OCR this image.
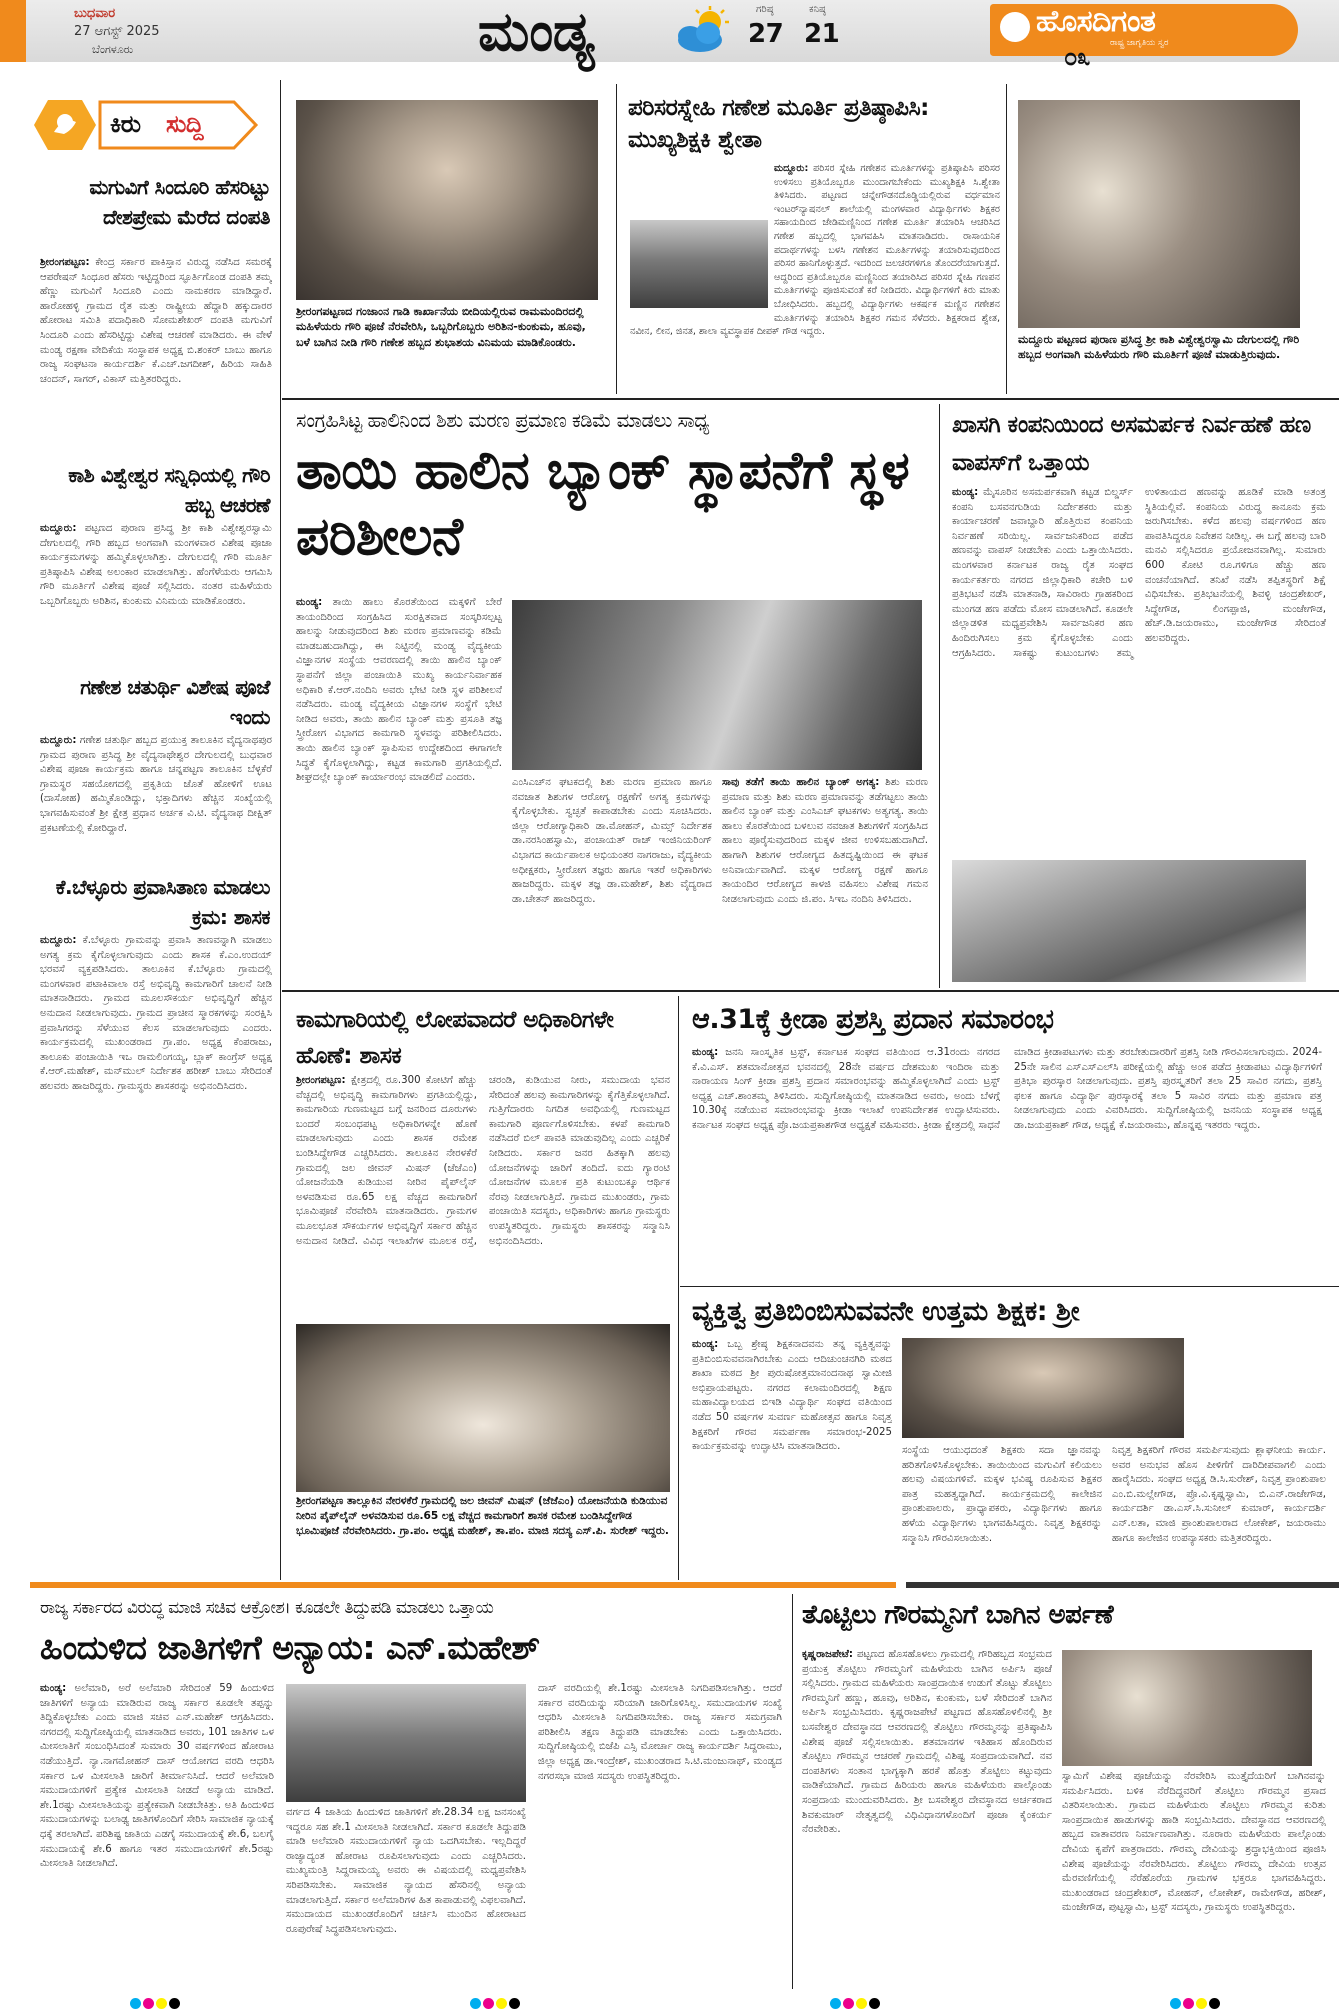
ಬುಧವಾರ
27 ಆಗಸ್ಟ್ 2025
ಬೆಂಗಳೂರು	ಮಂಡ್ಯ	ಗರಿಷ್ಠ
27
ಕನಿಷ್ಠ
21	ಹೊಸದಿಗಂತ
ರಾಷ್ಟ್ರ ಜಾಗೃತಿಯ ಸ್ವರ
೦೩
ಕಿರು ಸುದ್ದಿ
ಮಗುವಿಗೆ ಸಿಂದೂರಿ ಹೆಸರಿಟ್ಟು ದೇಶಪ್ರೇಮ ಮೆರೆದ ದಂಪತಿ
ಶ್ರೀರಂಗಪಟ್ಟಣ: ಕೇಂದ್ರ ಸರ್ಕಾರ ಪಾಕಿಸ್ತಾನ ವಿರುದ್ಧ ನಡೆಸಿದ ಸಮರಕ್ಕೆ ಆಪರೇಷನ್ ಸಿಂಧೂರ ಹೆಸರು ಇಟ್ಟಿದ್ದರಿಂದ ಸ್ಫೂರ್ತಿಗೊಂಡ ದಂಪತಿ ತಮ್ಮ ಹೆಣ್ಣು ಮಗುವಿಗೆ ಸಿಂದೂರಿ ಎಂದು ನಾಮಕರಣ ಮಾಡಿದ್ದಾರೆ. ಹಾರೋಹಳ್ಳಿ ಗ್ರಾಮದ ರೈತ ಮತ್ತು ರಾಷ್ಟ್ರೀಯ ಹೆದ್ದಾರಿ ಹಕ್ಕುದಾರರ ಹೋರಾಟ ಸಮಿತಿ ಪದಾಧಿಕಾರಿ ಸೋಮಶೇಖರ್ ದಂಪತಿ ಮಗುವಿಗೆ ಸಿಂದೂರಿ ಎಂದು ಹೆಸರಿಟ್ಟಿದ್ದು ವಿಶೇಷ ಆಚರಣೆ ಮಾಡಿದರು. ಈ ವೇಳೆ ಮಂಡ್ಯ ರಕ್ಷಣಾ ವೇದಿಕೆಯ ಸಂಸ್ಥಾಪಕ ಅಧ್ಯಕ್ಷ ಬಿ.ಶಂಕರ್ ಬಾಬು ಹಾಗೂ ರಾಜ್ಯ ಸಂಘಟನಾ ಕಾರ್ಯದರ್ಶಿ ಕೆ.ಎಚ್.ಜಗದೀಶ್, ಹಿರಿಯ ಸಾಹಿತಿ ಚಂದನ್, ಸಾಗರ್, ವಿಕಾಸ್ ಮತ್ತಿತರರಿದ್ದರು.
ಕಾಶಿ ವಿಶ್ವೇಶ್ವರ ಸನ್ನಿಧಿಯಲ್ಲಿ ಗೌರಿ ಹಬ್ಬ ಆಚರಣೆ
ಮದ್ದೂರು: ಪಟ್ಟಣದ ಪುರಾಣ ಪ್ರಸಿದ್ಧ ಶ್ರೀ ಕಾಶಿ ವಿಶ್ವೇಶ್ವರಸ್ವಾಮಿ ದೇಗುಲದಲ್ಲಿ ಗೌರಿ ಹಬ್ಬದ ಅಂಗವಾಗಿ ಮಂಗಳವಾರ ವಿಶೇಷ ಪೂಜಾ ಕಾರ್ಯಕ್ರಮಗಳನ್ನು ಹಮ್ಮಿಕೊಳ್ಳಲಾಗಿತ್ತು. ದೇಗುಲದಲ್ಲಿ ಗೌರಿ ಮೂರ್ತಿ ಪ್ರತಿಷ್ಠಾಪಿಸಿ ವಿಶೇಷ ಅಲಂಕಾರ ಮಾಡಲಾಗಿತ್ತು. ಹೆಂಗೆಳೆಯರು ಆಗಮಿಸಿ ಗೌರಿ ಮೂರ್ತಿಗೆ ವಿಶೇಷ ಪೂಜೆ ಸಲ್ಲಿಸಿದರು. ನಂತರ ಮಹಿಳೆಯರು ಒಬ್ಬರಿಗೊಬ್ಬರು ಅರಿಶಿನ, ಕುಂಕುಮ ವಿನಿಮಯ ಮಾಡಿಕೊಂಡರು.
ಗಣೇಶ ಚತುರ್ಥಿ ವಿಶೇಷ ಪೂಜೆ ಇಂದು
ಮದ್ದೂರು: ಗಣೇಶ ಚತುರ್ಥಿ ಹಬ್ಬದ ಪ್ರಯುಕ್ತ ತಾಲೂಕಿನ ವೈದ್ಯನಾಥಪುರ ಗ್ರಾಮದ ಪುರಾಣ ಪ್ರಸಿದ್ಧ ಶ್ರೀ ವೈದ್ಯನಾಥೇಶ್ವರ ದೇಗುಲದಲ್ಲಿ ಬುಧವಾರ ವಿಶೇಷ ಪೂಜಾ ಕಾರ್ಯಕ್ರಮ ಹಾಗೂ ಚನ್ನಪಟ್ಟಣ ತಾಲೂಕಿನ ಬೆಳ್ಳಕೆರೆ ಗ್ರಾಮಸ್ಥರ ಸಹಯೋಗದಲ್ಲಿ ಪ್ರಕೃತಿಯ ಜೊತೆ ಹೋಳಿಗೆ ಊಟ (ದಾಸೋಹ) ಹಮ್ಮಿಕೊಂಡಿದ್ದು, ಭಕ್ತಾದಿಗಳು ಹೆಚ್ಚಿನ ಸಂಖ್ಯೆಯಲ್ಲಿ ಭಾಗವಹಿಸುವಂತೆ ಶ್ರೀ ಕ್ಷೇತ್ರ ಪ್ರಧಾನ ಅರ್ಚಕ ವಿ.ಟಿ. ವೈದ್ಯನಾಥ ದೀಕ್ಷಿತ್ ಪ್ರಕಟಣೆಯಲ್ಲಿ ಕೋರಿದ್ದಾರೆ.
ಕೆ.ಬೆಳ್ಳೂರು ಪ್ರವಾಸಿತಾಣ ಮಾಡಲು ಕ್ರಮ: ಶಾಸಕ
ಮದ್ದೂರು: ಕೆ.ಬೆಳ್ಳೂರು ಗ್ರಾಮವನ್ನು ಪ್ರವಾಸಿ ತಾಣವನ್ನಾಗಿ ಮಾಡಲು ಅಗತ್ಯ ಕ್ರಮ ಕೈಗೊಳ್ಳಲಾಗುವುದು ಎಂದು ಶಾಸಕ ಕೆ.ಎಂ.ಉದಯ್ ಭರವಸೆ ವ್ಯಕ್ತಪಡಿಸಿದರು. ತಾಲೂಕಿನ ಕೆ.ಬೆಳ್ಳೂರು ಗ್ರಾಮದಲ್ಲಿ ಮಂಗಳವಾರ ಪಟಾಕಿವಾಲಾ ರಸ್ತೆ ಅಭಿವೃದ್ಧಿ ಕಾಮಗಾರಿಗೆ ಚಾಲನೆ ನೀಡಿ ಮಾತನಾಡಿದರು. ಗ್ರಾಮದ ಮೂಲಸೌಕರ್ಯ ಅಭಿವೃದ್ಧಿಗೆ ಹೆಚ್ಚಿನ ಅನುದಾನ ನೀಡಲಾಗುವುದು. ಗ್ರಾಮದ ಪ್ರಾಚೀನ ಸ್ಮಾರಕಗಳನ್ನು ಸಂರಕ್ಷಿಸಿ ಪ್ರವಾಸಿಗರನ್ನು ಸೆಳೆಯುವ ಕೆಲಸ ಮಾಡಲಾಗುವುದು ಎಂದರು. ಕಾರ್ಯಕ್ರಮದಲ್ಲಿ ಮುಖಂಡರಾದ ಗ್ರಾ.ಪಂ. ಅಧ್ಯಕ್ಷ ಕೆಂಪರಾಜು, ತಾಲೂಕು ಪಂಚಾಯಿತಿ ಇಒ ರಾಮಲಿಂಗಯ್ಯ, ಬ್ಲಾಕ್ ಕಾಂಗ್ರೆಸ್ ಅಧ್ಯಕ್ಷ ಕೆ.ಆರ್.ಮಹೇಶ್, ಮನ್‌ಮುಲ್ ನಿರ್ದೇಶಕ ಹರೀಶ್ ಬಾಬು ಸೇರಿದಂತೆ ಹಲವರು ಹಾಜರಿದ್ದರು. ಗ್ರಾಮಸ್ಥರು ಶಾಸಕರನ್ನು ಅಭಿನಂದಿಸಿದರು.
ಶ್ರೀರಂಗಪಟ್ಟಣದ ಗಂಜಾಂನ ಗಾಡಿ ಕಾರ್ಖಾನೆಯ ಬೀದಿಯಲ್ಲಿರುವ ರಾಮಮಂದಿರದಲ್ಲಿ ಮಹಿಳೆಯರು ಗೌರಿ ಪೂಜೆ ನೆರವೇರಿಸಿ, ಒಬ್ಬರಿಗೊಬ್ಬರು ಅರಿಶಿನ-ಕುಂಕುಮ, ಹೂವು, ಬಳೆ ಬಾಗಿನ ನೀಡಿ ಗೌರಿ ಗಣೇಶ ಹಬ್ಬದ ಶುಭಾಶಯ ವಿನಿಮಯ ಮಾಡಿಕೊಂಡರು.
ಪರಿಸರಸ್ನೇಹಿ ಗಣೇಶ ಮೂರ್ತಿ ಪ್ರತಿಷ್ಠಾಪಿಸಿ: ಮುಖ್ಯಶಿಕ್ಷಕಿ ಶ್ವೇತಾ
ಮದ್ದೂರು: ಪರಿಸರ ಸ್ನೇಹಿ ಗಣೇಶನ ಮೂರ್ತಿಗಳನ್ನು ಪ್ರತಿಷ್ಠಾಪಿಸಿ ಪರಿಸರ ಉಳಿಸಲು ಪ್ರತಿಯೊಬ್ಬರೂ ಮುಂದಾಗಬೇಕೆಂದು ಮುಖ್ಯಶಿಕ್ಷಕಿ ಸಿ.ಶ್ವೇತಾ ತಿಳಿಸಿದರು. ಪಟ್ಟಣದ ಚನ್ನೇಗೌಡನದೊಡ್ಡಿಯಲ್ಲಿರುವ ವರ್ಧಮಾನ ಇಂಟರ್‌ನ್ಯಾಷನಲ್ ಶಾಲೆಯಲ್ಲಿ ಮಂಗಳವಾರ ವಿದ್ಯಾರ್ಥಿಗಳು ಶಿಕ್ಷಕರ ಸಹಾಯದಿಂದ ಜೇಡಿಮಣ್ಣಿನಿಂದ ಗಣೇಶ ಮೂರ್ತಿ ತಯಾರಿಸಿ ಆಚರಿಸಿದ ಗಣೇಶ ಹಬ್ಬದಲ್ಲಿ ಭಾಗವಹಿಸಿ ಮಾತನಾಡಿದರು. ರಾಸಾಯನಿಕ ಪದಾರ್ಥಗಳನ್ನು ಬಳಸಿ ಗಣೇಶನ ಮೂರ್ತಿಗಳನ್ನು ತಯಾರಿಸುವುದರಿಂದ ಪರಿಸರ ಹಾನಿಗೊಳ್ಳುತ್ತದೆ. ಇದರಿಂದ ಜಲಚರಗಳಿಗೂ ತೊಂದರೆಯಾಗುತ್ತದೆ. ಆದ್ದರಿಂದ ಪ್ರತಿಯೊಬ್ಬರೂ ಮಣ್ಣಿನಿಂದ ತಯಾರಿಸಿದ ಪರಿಸರ ಸ್ನೇಹಿ ಗಣಪನ ಮೂರ್ತಿಗಳನ್ನು ಪೂಜಿಸುವಂತೆ ಕರೆ ನೀಡಿದರು. ವಿದ್ಯಾರ್ಥಿಗಳಿಗೆ ಕಿರು ಮಾತು ಬೋಧಿಸಿದರು. ಹಬ್ಬದಲ್ಲಿ ವಿದ್ಯಾರ್ಥಿಗಳು ಆಕರ್ಷಕ ಮಣ್ಣಿನ ಗಣೇಶನ ಮೂರ್ತಿಗಳನ್ನು ತಯಾರಿಸಿ ಶಿಕ್ಷಕರ ಗಮನ ಸೆಳೆದರು. ಶಿಕ್ಷಕರಾದ ಶ್ವೇತ, ನವೀನ, ಲೀನ, ಜಿನತ, ಶಾಲಾ ವ್ಯವಸ್ಥಾಪಕ ದೀಪಕ್ ಗೌಡ ಇದ್ದರು.
ಮದ್ದೂರು ಪಟ್ಟಣದ ಪುರಾಣ ಪ್ರಸಿದ್ಧ ಶ್ರೀ ಕಾಶಿ ವಿಶ್ವೇಶ್ವರಸ್ವಾಮಿ ದೇಗುಲದಲ್ಲಿ ಗೌರಿ ಹಬ್ಬದ ಅಂಗವಾಗಿ ಮಹಿಳೆಯರು ಗೌರಿ ಮೂರ್ತಿಗೆ ಪೂಜೆ ಮಾಡುತ್ತಿರುವುದು.
ಸಂಗ್ರಹಿಸಿಟ್ಟ ಹಾಲಿನಿಂದ ಶಿಶು ಮರಣ ಪ್ರಮಾಣ ಕಡಿಮೆ ಮಾಡಲು ಸಾಧ್ಯ
ತಾಯಿ ಹಾಲಿನ ಬ್ಯಾಂಕ್ ಸ್ಥಾಪನೆಗೆ ಸ್ಥಳ ಪರಿಶೀಲನೆ
ಮಂಡ್ಯ: ತಾಯಿ ಹಾಲು ಕೊರತೆಯಿಂದ ಮಕ್ಕಳಿಗೆ ಬೇರೆ ತಾಯಂದಿರಿಂದ ಸಂಗ್ರಹಿಸಿದ ಸುರಕ್ಷಿತವಾದ ಸಂಸ್ಕರಿಸಲ್ಪಟ್ಟ ಹಾಲನ್ನು ನೀಡುವುದರಿಂದ ಶಿಶು ಮರಣ ಪ್ರಮಾಣವನ್ನು ಕಡಿಮೆ ಮಾಡಬಹುದಾಗಿದ್ದು, ಈ ನಿಟ್ಟಿನಲ್ಲಿ ಮಂಡ್ಯ ವೈದ್ಯಕೀಯ ವಿಜ್ಞಾನಗಳ ಸಂಸ್ಥೆಯ ಆವರಣದಲ್ಲಿ ತಾಯಿ ಹಾಲಿನ ಬ್ಯಾಂಕ್ ಸ್ಥಾಪನೆಗೆ ಜಿಲ್ಲಾ ಪಂಚಾಯಿತಿ ಮುಖ್ಯ ಕಾರ್ಯನಿರ್ವಾಹಕ ಅಧಿಕಾರಿ ಕೆ.ಆರ್.ನಂದಿನಿ ಅವರು ಭೇಟಿ ನೀಡಿ ಸ್ಥಳ ಪರಿಶೀಲನೆ ನಡೆಸಿದರು. ಮಂಡ್ಯ ವೈದ್ಯಕೀಯ ವಿಜ್ಞಾನಗಳ ಸಂಸ್ಥೆಗೆ ಭೇಟಿ ನೀಡಿದ ಅವರು, ತಾಯಿ ಹಾಲಿನ ಬ್ಯಾಂಕ್ ಮತ್ತು ಪ್ರಸೂತಿ ತಜ್ಞ ಸ್ತ್ರೀರೋಗ ವಿಭಾಗದ ಕಾಮಗಾರಿ ಸ್ಥಳವನ್ನು ಪರಿಶೀಲಿಸಿದರು. ತಾಯಿ ಹಾಲಿನ ಬ್ಯಾಂಕ್ ಸ್ಥಾಪಿಸುವ ಉದ್ದೇಶದಿಂದ ಈಗಾಗಲೇ ಸಿದ್ಧತೆ ಕೈಗೊಳ್ಳಲಾಗಿದ್ದು, ಕಟ್ಟಡ ಕಾಮಗಾರಿ ಪ್ರಗತಿಯಲ್ಲಿದೆ. ಶೀಘ್ರದಲ್ಲೇ ಬ್ಯಾಂಕ್ ಕಾರ್ಯಾರಂಭ ಮಾಡಲಿದೆ ಎಂದರು.	ಎಂಸಿಎಚ್‌ನ ಘಟಕದಲ್ಲಿ ಶಿಶು ಮರಣ ಪ್ರಮಾಣ ಹಾಗೂ ನವಜಾತ ಶಿಶುಗಳ ಆರೋಗ್ಯ ರಕ್ಷಣೆಗೆ ಅಗತ್ಯ ಕ್ರಮಗಳನ್ನು ಕೈಗೊಳ್ಳಬೇಕು. ಸ್ವಚ್ಛತೆ ಕಾಪಾಡಬೇಕು ಎಂದು ಸೂಚಿಸಿದರು. ಜಿಲ್ಲಾ ಆರೋಗ್ಯಾಧಿಕಾರಿ ಡಾ.ಮೋಹನ್, ಮಿಮ್ಸ್ ನಿರ್ದೇಶಕ ಡಾ.ನರಸಿಂಹಸ್ವಾಮಿ, ಪಂಚಾಯತ್ ರಾಜ್ ಇಂಜಿನಿಯರಿಂಗ್ ವಿಭಾಗದ ಕಾರ್ಯಪಾಲಕ ಅಭಿಯಂತರ ನಾಗರಾಜು, ವೈದ್ಯಕೀಯ ಅಧೀಕ್ಷಕರು, ಸ್ತ್ರೀರೋಗ ತಜ್ಞರು ಹಾಗೂ ಇತರೆ ಅಧಿಕಾರಿಗಳು ಹಾಜರಿದ್ದರು. ಮಕ್ಕಳ ತಜ್ಞ ಡಾ.ಮಹೇಶ್, ಶಿಶು ವೈದ್ಯರಾದ ಡಾ.ಚೇತನ್ ಹಾಜರಿದ್ದರು.
ಸಾವು ತಡೆಗೆ ತಾಯಿ ಹಾಲಿನ ಬ್ಯಾಂಕ್ ಅಗತ್ಯ: ಶಿಶು ಮರಣ ಪ್ರಮಾಣ ಮತ್ತು ಶಿಶು ಮರಣ ಪ್ರಮಾಣವನ್ನು ತಡೆಗಟ್ಟಲು ತಾಯಿ ಹಾಲಿನ ಬ್ಯಾಂಕ್ ಮತ್ತು ಎಂಸಿಎಚ್ ಘಟಕಗಳು ಅತ್ಯಗತ್ಯ. ತಾಯಿ ಹಾಲು ಕೊರತೆಯಿಂದ ಬಳಲುವ ನವಜಾತ ಶಿಶುಗಳಿಗೆ ಸಂಗ್ರಹಿಸಿದ ಹಾಲು ಪೂರೈಸುವುದರಿಂದ ಮಕ್ಕಳ ಜೀವ ಉಳಿಸಬಹುದಾಗಿದೆ. ಹಾಗಾಗಿ ಶಿಶುಗಳ ಆರೋಗ್ಯದ ಹಿತದೃಷ್ಟಿಯಿಂದ ಈ ಘಟಕ ಅನಿವಾರ್ಯವಾಗಿದೆ. ಮಕ್ಕಳ ಆರೋಗ್ಯ ರಕ್ಷಣೆ ಹಾಗೂ ತಾಯಂದಿರ ಆರೋಗ್ಯದ ಕಾಳಜಿ ವಹಿಸಲು ವಿಶೇಷ ಗಮನ ನೀಡಲಾಗುವುದು ಎಂದು ಜಿ.ಪಂ. ಸಿಇಒ ನಂದಿನಿ ತಿಳಿಸಿದರು.
ಖಾಸಗಿ ಕಂಪನಿಯಿಂದ ಅಸಮರ್ಪಕ ನಿರ್ವಹಣೆ ಹಣ ವಾಪಸ್‌ಗೆ ಒತ್ತಾಯ
ಮಂಡ್ಯ: ಮೈಸೂರಿನ ಅಸಮರ್ಪಕವಾಗಿ ಕಟ್ಟಡ ಬಿಲ್ಡರ್ಸ್ ಕಂಪನಿ ಬಸವನಗುಡಿಯ ನಿರ್ದೇಶಕರು ಮತ್ತು ಕಾರ್ಯಾಚರಣೆ ಜವಾಬ್ದಾರಿ ಹೊತ್ತಿರುವ ಕಂಪನಿಯ ನಿರ್ವಹಣೆ ಸರಿಯಿಲ್ಲ. ಸಾರ್ವಜನಿಕರಿಂದ ಪಡೆದ ಹಣವನ್ನು ವಾಪಸ್ ನೀಡಬೇಕು ಎಂದು ಒತ್ತಾಯಿಸಿದರು. ಮಂಗಳವಾರ ಕರ್ನಾಟಕ ರಾಜ್ಯ ರೈತ ಸಂಘದ ಕಾರ್ಯಕರ್ತರು ನಗರದ ಜಿಲ್ಲಾಧಿಕಾರಿ ಕಚೇರಿ ಬಳಿ ಪ್ರತಿಭಟನೆ ನಡೆಸಿ ಮಾತನಾಡಿ, ಸಾವಿರಾರು ಗ್ರಾಹಕರಿಂದ ಮುಂಗಡ ಹಣ ಪಡೆದು ಮೋಸ ಮಾಡಲಾಗಿದೆ. ಕೂಡಲೇ ಜಿಲ್ಲಾಡಳಿತ ಮಧ್ಯಪ್ರವೇಶಿಸಿ ಸಾರ್ವಜನಿಕರ ಹಣ ಹಿಂದಿರುಗಿಸಲು ಕ್ರಮ ಕೈಗೊಳ್ಳಬೇಕು ಎಂದು ಆಗ್ರಹಿಸಿದರು. ಸಾಕಷ್ಟು ಕುಟುಂಬಗಳು ತಮ್ಮ ಉಳಿತಾಯದ ಹಣವನ್ನು ಹೂಡಿಕೆ ಮಾಡಿ ಅತಂತ್ರ ಸ್ಥಿತಿಯಲ್ಲಿವೆ. ಕಂಪನಿಯ ವಿರುದ್ಧ ಕಾನೂನು ಕ್ರಮ ಜರುಗಿಸಬೇಕು. ಕಳೆದ ಹಲವು ವರ್ಷಗಳಿಂದ ಹಣ ಪಾವತಿಸಿದ್ದರೂ ನಿವೇಶನ ನೀಡಿಲ್ಲ. ಈ ಬಗ್ಗೆ ಹಲವು ಬಾರಿ ಮನವಿ ಸಲ್ಲಿಸಿದರೂ ಪ್ರಯೋಜನವಾಗಿಲ್ಲ. ಸುಮಾರು 600 ಕೋಟಿ ರೂ.ಗಳಿಗೂ ಹೆಚ್ಚು ಹಣ ವಂಚನೆಯಾಗಿದೆ. ತನಿಖೆ ನಡೆಸಿ ತಪ್ಪಿತಸ್ಥರಿಗೆ ಶಿಕ್ಷೆ ವಿಧಿಸಬೇಕು. ಪ್ರತಿಭಟನೆಯಲ್ಲಿ ಶಿವಳ್ಳಿ ಚಂದ್ರಶೇಖರ್, ಸಿದ್ದೇಗೌಡ, ಲಿಂಗಪ್ಪಾಜಿ, ಮಂಜೇಗೌಡ, ಹೆಚ್.ಡಿ.ಜಯರಾಮು, ಮಂಜೇಗೌಡ ಸೇರಿದಂತೆ ಹಲವರಿದ್ದರು.
ಕಾಮಗಾರಿಯಲ್ಲಿ ಲೋಪವಾದರೆ ಅಧಿಕಾರಿಗಳೇ ಹೊಣೆ: ಶಾಸಕ
ಶ್ರೀರಂಗಪಟ್ಟಣ: ಕ್ಷೇತ್ರದಲ್ಲಿ ರೂ.300 ಕೋಟಿಗೆ ಹೆಚ್ಚು ವೆಚ್ಚದಲ್ಲಿ ಅಭಿವೃದ್ಧಿ ಕಾಮಗಾರಿಗಳು ಪ್ರಗತಿಯಲ್ಲಿದ್ದು, ಕಾಮಗಾರಿಯ ಗುಣಮಟ್ಟದ ಬಗ್ಗೆ ಜನರಿಂದ ದೂರುಗಳು ಬಂದರೆ ಸಂಬಂಧಪಟ್ಟ ಅಧಿಕಾರಿಗಳನ್ನೇ ಹೊಣೆ ಮಾಡಲಾಗುವುದು ಎಂದು ಶಾಸಕ ರಮೇಶ ಬಂಡಿಸಿದ್ದೇಗೌಡ ಎಚ್ಚರಿಸಿದರು. ತಾಲೂಕಿನ ನೇರಳಕೆರೆ ಗ್ರಾಮದಲ್ಲಿ ಜಲ ಜೀವನ್ ಮಿಷನ್ (ಜೆಜೆಎಂ) ಯೋಜನೆಯಡಿ ಕುಡಿಯುವ ನೀರಿನ ಪೈಪ್‌ಲೈನ್ ಅಳವಡಿಸುವ ರೂ.65 ಲಕ್ಷ ವೆಚ್ಚದ ಕಾಮಗಾರಿಗೆ ಭೂಮಿಪೂಜೆ ನೆರವೇರಿಸಿ ಮಾತನಾಡಿದರು. ಗ್ರಾಮಗಳ ಮೂಲಭೂತ ಸೌಕರ್ಯಗಳ ಅಭಿವೃದ್ಧಿಗೆ ಸರ್ಕಾರ ಹೆಚ್ಚಿನ ಅನುದಾನ ನೀಡಿದೆ. ವಿವಿಧ ಇಲಾಖೆಗಳ ಮೂಲಕ ರಸ್ತೆ, ಚರಂಡಿ, ಕುಡಿಯುವ ನೀರು, ಸಮುದಾಯ ಭವನ ಸೇರಿದಂತೆ ಹಲವು ಕಾಮಗಾರಿಗಳನ್ನು ಕೈಗೆತ್ತಿಕೊಳ್ಳಲಾಗಿದೆ. ಗುತ್ತಿಗೆದಾರರು ನಿಗದಿತ ಅವಧಿಯಲ್ಲಿ ಗುಣಮಟ್ಟದ ಕಾಮಗಾರಿ ಪೂರ್ಣಗೊಳಿಸಬೇಕು. ಕಳಪೆ ಕಾಮಗಾರಿ ನಡೆಸಿದರೆ ಬಿಲ್ ಪಾವತಿ ಮಾಡುವುದಿಲ್ಲ ಎಂದು ಎಚ್ಚರಿಕೆ ನೀಡಿದರು. ಸರ್ಕಾರ ಜನರ ಹಿತಕ್ಕಾಗಿ ಹಲವು ಯೋಜನೆಗಳನ್ನು ಜಾರಿಗೆ ತಂದಿದೆ. ಐದು ಗ್ಯಾರಂಟಿ ಯೋಜನೆಗಳ ಮೂಲಕ ಪ್ರತಿ ಕುಟುಂಬಕ್ಕೂ ಆರ್ಥಿಕ ನೆರವು ನೀಡಲಾಗುತ್ತಿದೆ. ಗ್ರಾಮದ ಮುಖಂಡರು, ಗ್ರಾಮ ಪಂಚಾಯಿತಿ ಸದಸ್ಯರು, ಅಧಿಕಾರಿಗಳು ಹಾಗೂ ಗ್ರಾಮಸ್ಥರು ಉಪಸ್ಥಿತರಿದ್ದರು. ಗ್ರಾಮಸ್ಥರು ಶಾಸಕರನ್ನು ಸನ್ಮಾನಿಸಿ ಅಭಿನಂದಿಸಿದರು.
ಶ್ರೀರಂಗಪಟ್ಟಣ ತಾಲ್ಲೂಕಿನ ನೇರಳಕೆರೆ ಗ್ರಾಮದಲ್ಲಿ ಜಲ ಜೀವನ್ ಮಿಷನ್ (ಜೆಜೆಎಂ) ಯೋಜನೆಯಡಿ ಕುಡಿಯುವ ನೀರಿನ ಪೈಪ್‌ಲೈನ್ ಅಳವಡಿಸುವ ರೂ.65 ಲಕ್ಷ ವೆಚ್ಚದ ಕಾಮಗಾರಿಗೆ ಶಾಸಕ ರಮೇಶ ಬಂಡಿಸಿದ್ದೇಗೌಡ ಭೂಮಿಪೂಜೆ ನೆರವೇರಿಸಿದರು. ಗ್ರಾ.ಪಂ. ಅಧ್ಯಕ್ಷ ಮಹೇಶ್, ತಾ.ಪಂ. ಮಾಜಿ ಸದಸ್ಯ ಎಸ್.ಪಿ. ಸುರೇಶ್ ಇದ್ದರು.
ಆ.31ಕ್ಕೆ ಕ್ರೀಡಾ ಪ್ರಶಸ್ತಿ ಪ್ರದಾನ ಸಮಾರಂಭ
ಮಂಡ್ಯ: ಜನನಿ ಸಾಂಸ್ಕೃತಿಕ ಟ್ರಸ್ಟ್, ಕರ್ನಾಟಕ ಸಂಘದ ವತಿಯಿಂದ ಆ.31ರಂದು ನಗರದ ಕೆ.ವಿ.ಎಸ್. ಶತಮಾನೋತ್ಸವ ಭವನದಲ್ಲಿ 28ನೇ ವರ್ಷದ ದೇಶಮುಖ ಇಂದಿರಾ ಮತ್ತು ನಾರಾಯಣ ಸಿಂಗ್ ಕ್ರೀಡಾ ಪ್ರಶಸ್ತಿ ಪ್ರದಾನ ಸಮಾರಂಭವನ್ನು ಹಮ್ಮಿಕೊಳ್ಳಲಾಗಿದೆ ಎಂದು ಟ್ರಸ್ಟ್ ಅಧ್ಯಕ್ಷ ಎಚ್.ಶಾಂತಮ್ಮ ತಿಳಿಸಿದರು. ಸುದ್ದಿಗೋಷ್ಠಿಯಲ್ಲಿ ಮಾತನಾಡಿದ ಅವರು, ಅಂದು ಬೆಳಗ್ಗೆ 10.30ಕ್ಕೆ ನಡೆಯುವ ಸಮಾರಂಭವನ್ನು ಕ್ರೀಡಾ ಇಲಾಖೆ ಉಪನಿರ್ದೇಶಕ ಉದ್ಘಾಟಿಸುವರು. ಕರ್ನಾಟಕ ಸಂಘದ ಅಧ್ಯಕ್ಷ ಪ್ರೊ.ಜಯಪ್ರಕಾಶಗೌಡ ಅಧ್ಯಕ್ಷತೆ ವಹಿಸುವರು. ಕ್ರೀಡಾ ಕ್ಷೇತ್ರದಲ್ಲಿ ಸಾಧನೆ ಮಾಡಿದ ಕ್ರೀಡಾಪಟುಗಳು ಮತ್ತು ತರಬೇತುದಾರರಿಗೆ ಪ್ರಶಸ್ತಿ ನೀಡಿ ಗೌರವಿಸಲಾಗುವುದು. 2024-25ನೇ ಸಾಲಿನ ಎಸ್‌ಎಸ್‌ಎಲ್‌ಸಿ ಪರೀಕ್ಷೆಯಲ್ಲಿ ಹೆಚ್ಚು ಅಂಕ ಪಡೆದ ಕ್ರೀಡಾಪಟು ವಿದ್ಯಾರ್ಥಿಗಳಿಗೆ ಪ್ರತಿಭಾ ಪುರಸ್ಕಾರ ನೀಡಲಾಗುವುದು. ಪ್ರಶಸ್ತಿ ಪುರಸ್ಕೃತರಿಗೆ ತಲಾ 25 ಸಾವಿರ ನಗದು, ಪ್ರಶಸ್ತಿ ಫಲಕ ಹಾಗೂ ವಿದ್ಯಾರ್ಥಿ ಪುರಸ್ಕಾರಕ್ಕೆ ತಲಾ 5 ಸಾವಿರ ನಗದು ಮತ್ತು ಪ್ರಮಾಣ ಪತ್ರ ನೀಡಲಾಗುವುದು ಎಂದು ವಿವರಿಸಿದರು. ಸುದ್ದಿಗೋಷ್ಠಿಯಲ್ಲಿ ಜನನಿಯ ಸಂಸ್ಥಾಪಕ ಅಧ್ಯಕ್ಷ ಡಾ.ಜಯಪ್ರಕಾಶ್ ಗೌಡ, ಅಧ್ಯಕ್ಷೆ ಕೆ.ಜಯರಾಮು, ಹೊನ್ನಪ್ಪ ಇತರರು ಇದ್ದರು.
ವ್ಯಕ್ತಿತ್ವ ಪ್ರತಿಬಿಂಬಿಸುವವನೇ ಉತ್ತಮ ಶಿಕ್ಷಕ: ಶ್ರೀ
ಮಂಡ್ಯ: ಒಬ್ಬ ಶ್ರೇಷ್ಠ ಶಿಕ್ಷಕನಾದವನು ತನ್ನ ವ್ಯಕ್ತಿತ್ವವನ್ನು ಪ್ರತಿಬಿಂಬಿಸುವವನಾಗಿರಬೇಕು ಎಂದು ಆದಿಚುಂಚನಗಿರಿ ಮಠದ ಶಾಖಾ ಮಠದ ಶ್ರೀ ಪುರುಷೋತ್ತಮಾನಂದನಾಥ ಸ್ವಾಮೀಜಿ ಅಭಿಪ್ರಾಯಪಟ್ಟರು. ನಗರದ ಕಲಾಮಂದಿರದಲ್ಲಿ ಶಿಕ್ಷಣ ಮಹಾವಿದ್ಯಾಲಯದ ಬಿಇಡಿ ವಿದ್ಯಾರ್ಥಿ ಸಂಘದ ವತಿಯಿಂದ ನಡೆದ 50 ವರ್ಷಗಳ ಸುವರ್ಣ ಮಹೋತ್ಸವ ಹಾಗೂ ನಿವೃತ್ತ ಶಿಕ್ಷಕರಿಗೆ ಗೌರವ ಸಮರ್ಪಣಾ ಸಮಾರಂಭ-2025 ಕಾರ್ಯಕ್ರಮವನ್ನು ಉದ್ಘಾಟಿಸಿ ಮಾತನಾಡಿದರು.	ಸಂಸ್ಥೆಯ ಆಯುಧದಂತೆ ಶಿಕ್ಷಕರು ಸದಾ ಜ್ಞಾನವನ್ನು ಹರಿತಗೊಳಿಸಿಕೊಳ್ಳಬೇಕು. ತಾಯಿಯಿಂದ ಮಗುವಿಗೆ ಕಲಿಯಲು ಹಲವು ವಿಷಯಗಳಿವೆ. ಮಕ್ಕಳ ಭವಿಷ್ಯ ರೂಪಿಸುವ ಶಿಕ್ಷಕರ ಪಾತ್ರ ಮಹತ್ವದ್ದಾಗಿದೆ. ಕಾರ್ಯಕ್ರಮದಲ್ಲಿ ಕಾಲೇಜಿನ ಪ್ರಾಂಶುಪಾಲರು, ಪ್ರಾಧ್ಯಾಪಕರು, ವಿದ್ಯಾರ್ಥಿಗಳು ಹಾಗೂ ಹಳೆಯ ವಿದ್ಯಾರ್ಥಿಗಳು ಭಾಗವಹಿಸಿದ್ದರು. ನಿವೃತ್ತ ಶಿಕ್ಷಕರನ್ನು ಸನ್ಮಾನಿಸಿ ಗೌರವಿಸಲಾಯಿತು.
ನಿವೃತ್ತ ಶಿಕ್ಷಕರಿಗೆ ಗೌರವ ಸಮರ್ಪಿಸುವುದು ಶ್ಲಾಘನೀಯ ಕಾರ್ಯ. ಅವರ ಅನುಭವ ಹೊಸ ಪೀಳಿಗೆಗೆ ದಾರಿದೀಪವಾಗಲಿ ಎಂದು ಹಾರೈಸಿದರು. ಸಂಘದ ಅಧ್ಯಕ್ಷ ಡಿ.ಸಿ.ಸುರೇಶ್, ನಿವೃತ್ತ ಪ್ರಾಂಶುಪಾಲ ಎಂ.ಬಿ.ಮಲ್ಲೇಗೌಡ, ಪ್ರೊ.ವಿ.ಕೃಷ್ಣಸ್ವಾಮಿ, ಬಿ.ಎನ್.ರಾಜೇಗೌಡ, ಕಾರ್ಯದರ್ಶಿ ಡಾ.ಎಸ್.ಸಿ.ಸುನೀಲ್ ಕುಮಾರ್, ಕಾರ್ಯದರ್ಶಿ ಎನ್.ಲತಾ, ಮಾಜಿ ಪ್ರಾಂಶುಪಾಲರಾದ ಲೋಕೇಶ್, ಜಯರಾಮು ಹಾಗೂ ಕಾಲೇಜಿನ ಉಪನ್ಯಾಸಕರು ಮತ್ತಿತರರಿದ್ದರು.
ರಾಜ್ಯ ಸರ್ಕಾರದ ವಿರುದ್ಧ ಮಾಜಿ ಸಚಿವ ಆಕ್ರೋಶ। ಕೂಡಲೇ ತಿದ್ದುಪಡಿ ಮಾಡಲು ಒತ್ತಾಯ
ಹಿಂದುಳಿದ ಜಾತಿಗಳಿಗೆ ಅನ್ಯಾಯ: ಎನ್.ಮಹೇಶ್
ಮಂಡ್ಯ: ಅಲೆಮಾರಿ, ಅರೆ ಅಲೆಮಾರಿ ಸೇರಿದಂತೆ 59 ಹಿಂದುಳಿದ ಜಾತಿಗಳಿಗೆ ಅನ್ಯಾಯ ಮಾಡಿರುವ ರಾಜ್ಯ ಸರ್ಕಾರ ಕೂಡಲೇ ತಪ್ಪನ್ನು ತಿದ್ದಿಕೊಳ್ಳಬೇಕು ಎಂದು ಮಾಜಿ ಸಚಿವ ಎನ್.ಮಹೇಶ್ ಆಗ್ರಹಿಸಿದರು. ನಗರದಲ್ಲಿ ಸುದ್ದಿಗೋಷ್ಠಿಯಲ್ಲಿ ಮಾತನಾಡಿದ ಅವರು, 101 ಜಾತಿಗಳ ಒಳ ಮೀಸಲಾತಿಗೆ ಸಂಬಂಧಿಸಿದಂತೆ ಸುಮಾರು 30 ವರ್ಷಗಳಿಂದ ಹೋರಾಟ ನಡೆಯುತ್ತಿದೆ. ನ್ಯಾ.ನಾಗಮೋಹನ್ ದಾಸ್ ಆಯೋಗದ ವರದಿ ಆಧರಿಸಿ ಸರ್ಕಾರ ಒಳ ಮೀಸಲಾತಿ ಜಾರಿಗೆ ತೀರ್ಮಾನಿಸಿದೆ. ಆದರೆ ಅಲೆಮಾರಿ ಸಮುದಾಯಗಳಿಗೆ ಪ್ರತ್ಯೇಕ ಮೀಸಲಾತಿ ನೀಡದೆ ಅನ್ಯಾಯ ಮಾಡಿದೆ. ಶೇ.1ರಷ್ಟು ಮೀಸಲಾತಿಯನ್ನು ಪ್ರತ್ಯೇಕವಾಗಿ ನೀಡಬೇಕಿತ್ತು. ಅತಿ ಹಿಂದುಳಿದ ಸಮುದಾಯಗಳನ್ನು ಬಲಾಢ್ಯ ಜಾತಿಗಳೊಂದಿಗೆ ಸೇರಿಸಿ ಸಾಮಾಜಿಕ ನ್ಯಾಯಕ್ಕೆ ಧಕ್ಕೆ ತರಲಾಗಿದೆ. ಪರಿಶಿಷ್ಟ ಜಾತಿಯ ಎಡಗೈ ಸಮುದಾಯಕ್ಕೆ ಶೇ.6, ಬಲಗೈ ಸಮುದಾಯಕ್ಕೆ ಶೇ.6 ಹಾಗೂ ಇತರ ಸಮುದಾಯಗಳಿಗೆ ಶೇ.5ರಷ್ಟು ಮೀಸಲಾತಿ ನೀಡಲಾಗಿದೆ.
ವರ್ಗದ 4 ಜಾತಿಯ ಹಿಂದುಳಿದ ಜಾತಿಗಳಿಗೆ ಶೇ.28.34 ಲಕ್ಷ ಜನಸಂಖ್ಯೆ ಇದ್ದರೂ ಸಹ ಶೇ.1 ಮೀಸಲಾತಿ ನೀಡಲಾಗಿದೆ. ಸರ್ಕಾರ ಕೂಡಲೇ ತಿದ್ದುಪಡಿ ಮಾಡಿ ಅಲೆಮಾರಿ ಸಮುದಾಯಗಳಿಗೆ ನ್ಯಾಯ ಒದಗಿಸಬೇಕು. ಇಲ್ಲದಿದ್ದರೆ ರಾಜ್ಯಾದ್ಯಂತ ಹೋರಾಟ ರೂಪಿಸಲಾಗುವುದು ಎಂದು ಎಚ್ಚರಿಸಿದರು. ಮುಖ್ಯಮಂತ್ರಿ ಸಿದ್ದರಾಮಯ್ಯ ಅವರು ಈ ವಿಷಯದಲ್ಲಿ ಮಧ್ಯಪ್ರವೇಶಿಸಿ ಸರಿಪಡಿಸಬೇಕು. ಸಾಮಾಜಿಕ ನ್ಯಾಯದ ಹೆಸರಿನಲ್ಲಿ ಅನ್ಯಾಯ ಮಾಡಲಾಗುತ್ತಿದೆ. ಸರ್ಕಾರ ಅಲೆಮಾರಿಗಳ ಹಿತ ಕಾಪಾಡುವಲ್ಲಿ ವಿಫಲವಾಗಿದೆ. ಸಮುದಾಯದ ಮುಖಂಡರೊಂದಿಗೆ ಚರ್ಚಿಸಿ ಮುಂದಿನ ಹೋರಾಟದ ರೂಪುರೇಷೆ ಸಿದ್ಧಪಡಿಸಲಾಗುವುದು.
ದಾಸ್ ವರದಿಯಲ್ಲಿ ಶೇ.1ರಷ್ಟು ಮೀಸಲಾತಿ ನಿಗದಿಪಡಿಸಲಾಗಿತ್ತು. ಆದರೆ ಸರ್ಕಾರ ವರದಿಯನ್ನು ಸರಿಯಾಗಿ ಜಾರಿಗೊಳಿಸಿಲ್ಲ. ಸಮುದಾಯಗಳ ಸಂಖ್ಯೆ ಆಧರಿಸಿ ಮೀಸಲಾತಿ ನಿಗದಿಪಡಿಸಬೇಕು. ರಾಜ್ಯ ಸರ್ಕಾರ ಸಮಗ್ರವಾಗಿ ಪರಿಶೀಲಿಸಿ ತಕ್ಷಣ ತಿದ್ದುಪಡಿ ಮಾಡಬೇಕು ಎಂದು ಒತ್ತಾಯಿಸಿದರು. ಸುದ್ದಿಗೋಷ್ಠಿಯಲ್ಲಿ ಬಿಜೆಪಿ ಎಸ್ಸಿ ಮೋರ್ಚಾ ರಾಜ್ಯ ಕಾರ್ಯದರ್ಶಿ ಸಿದ್ದರಾಮು, ಜಿಲ್ಲಾ ಅಧ್ಯಕ್ಷ ಡಾ.ಇಂದ್ರೇಶ್, ಮುಖಂಡರಾದ ಸಿ.ಟಿ.ಮಂಜುನಾಥ್, ಮಂಡ್ಯದ ನಗರಸಭಾ ಮಾಜಿ ಸದಸ್ಯರು ಉಪಸ್ಥಿತರಿದ್ದರು.
ತೊಟ್ಟಿಲು ಗೌರಮ್ಮನಿಗೆ ಬಾಗಿನ ಅರ್ಪಣೆ
ಕೃಷ್ಣರಾಜಪೇಟೆ: ಪಟ್ಟಣದ ಹೊಸಹೊಳಲು ಗ್ರಾಮದಲ್ಲಿ ಗೌರಿಹಬ್ಬದ ಸಂಭ್ರಮದ ಪ್ರಯುಕ್ತ ತೊಟ್ಟಿಲು ಗೌರಮ್ಮನಿಗೆ ಮಹಿಳೆಯರು ಬಾಗಿನ ಅರ್ಪಿಸಿ ಪೂಜೆ ಸಲ್ಲಿಸಿದರು. ಗ್ರಾಮದ ಮಹಿಳೆಯರು ಸಾಂಪ್ರದಾಯಿಕ ಉಡುಗೆ ತೊಟ್ಟು ತೊಟ್ಟಿಲು ಗೌರಮ್ಮನಿಗೆ ಹಣ್ಣು, ಹೂವು, ಅರಿಶಿನ, ಕುಂಕುಮ, ಬಳೆ ಸೇರಿದಂತೆ ಬಾಗಿನ ಅರ್ಪಿಸಿ ಸಂಭ್ರಮಿಸಿದರು. ಕೃಷ್ಣರಾಜಪೇಟೆ ಪಟ್ಟಣದ ಹೊಸಹೊಳಲಿನಲ್ಲಿ ಶ್ರೀ ಬಸವೇಶ್ವರ ದೇವಸ್ಥಾನದ ಆವರಣದಲ್ಲಿ ತೊಟ್ಟಿಲು ಗೌರಮ್ಮನನ್ನು ಪ್ರತಿಷ್ಠಾಪಿಸಿ ವಿಶೇಷ ಪೂಜೆ ಸಲ್ಲಿಸಲಾಯಿತು. ಶತಮಾನಗಳ ಇತಿಹಾಸ ಹೊಂದಿರುವ ತೊಟ್ಟಿಲು ಗೌರಮ್ಮನ ಆಚರಣೆ ಗ್ರಾಮದಲ್ಲಿ ವಿಶಿಷ್ಟ ಸಂಪ್ರದಾಯವಾಗಿದೆ. ನವ ದಂಪತಿಗಳು ಸಂತಾನ ಭಾಗ್ಯಕ್ಕಾಗಿ ಹರಕೆ ಹೊತ್ತು ತೊಟ್ಟಿಲು ಕಟ್ಟುವುದು ವಾಡಿಕೆಯಾಗಿದೆ. ಗ್ರಾಮದ ಹಿರಿಯರು ಹಾಗೂ ಮಹಿಳೆಯರು ಪಾಲ್ಗೊಂಡು ಸಂಪ್ರದಾಯ ಮುಂದುವರಿಸಿದರು. ಶ್ರೀ ಬಸವೇಶ್ವರ ದೇವಸ್ಥಾನದ ಅರ್ಚಕರಾದ ಶಿವಕುಮಾರ್ ನೇತೃತ್ವದಲ್ಲಿ ವಿಧಿವಿಧಾನಗಳೊಂದಿಗೆ ಪೂಜಾ ಕೈಂಕರ್ಯ ನೆರವೇರಿತು.
ಸ್ವಾಮಿಗೆ ವಿಶೇಷ ಪೂಜೆಯನ್ನು ನೆರವೇರಿಸಿ ಮುತ್ತೈದೆಯರಿಗೆ ಬಾಗಿನವನ್ನು ಸಮರ್ಪಿಸಿದರು. ಬಳಿಕ ನೆರೆದಿದ್ದವರಿಗೆ ತೊಟ್ಟಿಲು ಗೌರಮ್ಮನ ಪ್ರಸಾದ ವಿತರಿಸಲಾಯಿತು. ಗ್ರಾಮದ ಮಹಿಳೆಯರು ತೊಟ್ಟಿಲು ಗೌರಮ್ಮನ ಕುರಿತು ಸಾಂಪ್ರದಾಯಿಕ ಹಾಡುಗಳನ್ನು ಹಾಡಿ ಸಂಭ್ರಮಿಸಿದರು. ದೇವಸ್ಥಾನದ ಆವರಣದಲ್ಲಿ ಹಬ್ಬದ ವಾತಾವರಣ ನಿರ್ಮಾಣವಾಗಿತ್ತು. ನೂರಾರು ಮಹಿಳೆಯರು ಪಾಲ್ಗೊಂಡು ದೇವಿಯ ಕೃಪೆಗೆ ಪಾತ್ರರಾದರು. ಗೌರಮ್ಮ ದೇವಿಯನ್ನು ಶ್ರದ್ಧಾಭಕ್ತಿಯಿಂದ ಪೂಜಿಸಿ ವಿಶೇಷ ಪೂಜೆಯನ್ನು ನೆರವೇರಿಸಿದರು. ತೊಟ್ಟಿಲು ಗೌರಮ್ಮ ದೇವಿಯ ಉತ್ಸವ ಮೆರವಣಿಗೆಯಲ್ಲಿ ನೆರೆಹೊರೆಯ ಗ್ರಾಮಗಳ ಭಕ್ತರೂ ಭಾಗವಹಿಸಿದ್ದರು. ಮುಖಂಡರಾದ ಚಂದ್ರಶೇಖರ್, ಮೋಹನ್, ಲೋಕೇಶ್, ರಾಮೇಗೌಡ, ಹರೀಶ್, ಮಂಜೇಗೌಡ, ಪುಟ್ಟಸ್ವಾಮಿ, ಟ್ರಸ್ಟ್ ಸದಸ್ಯರು, ಗ್ರಾಮಸ್ಥರು ಉಪಸ್ಥಿತರಿದ್ದರು.
